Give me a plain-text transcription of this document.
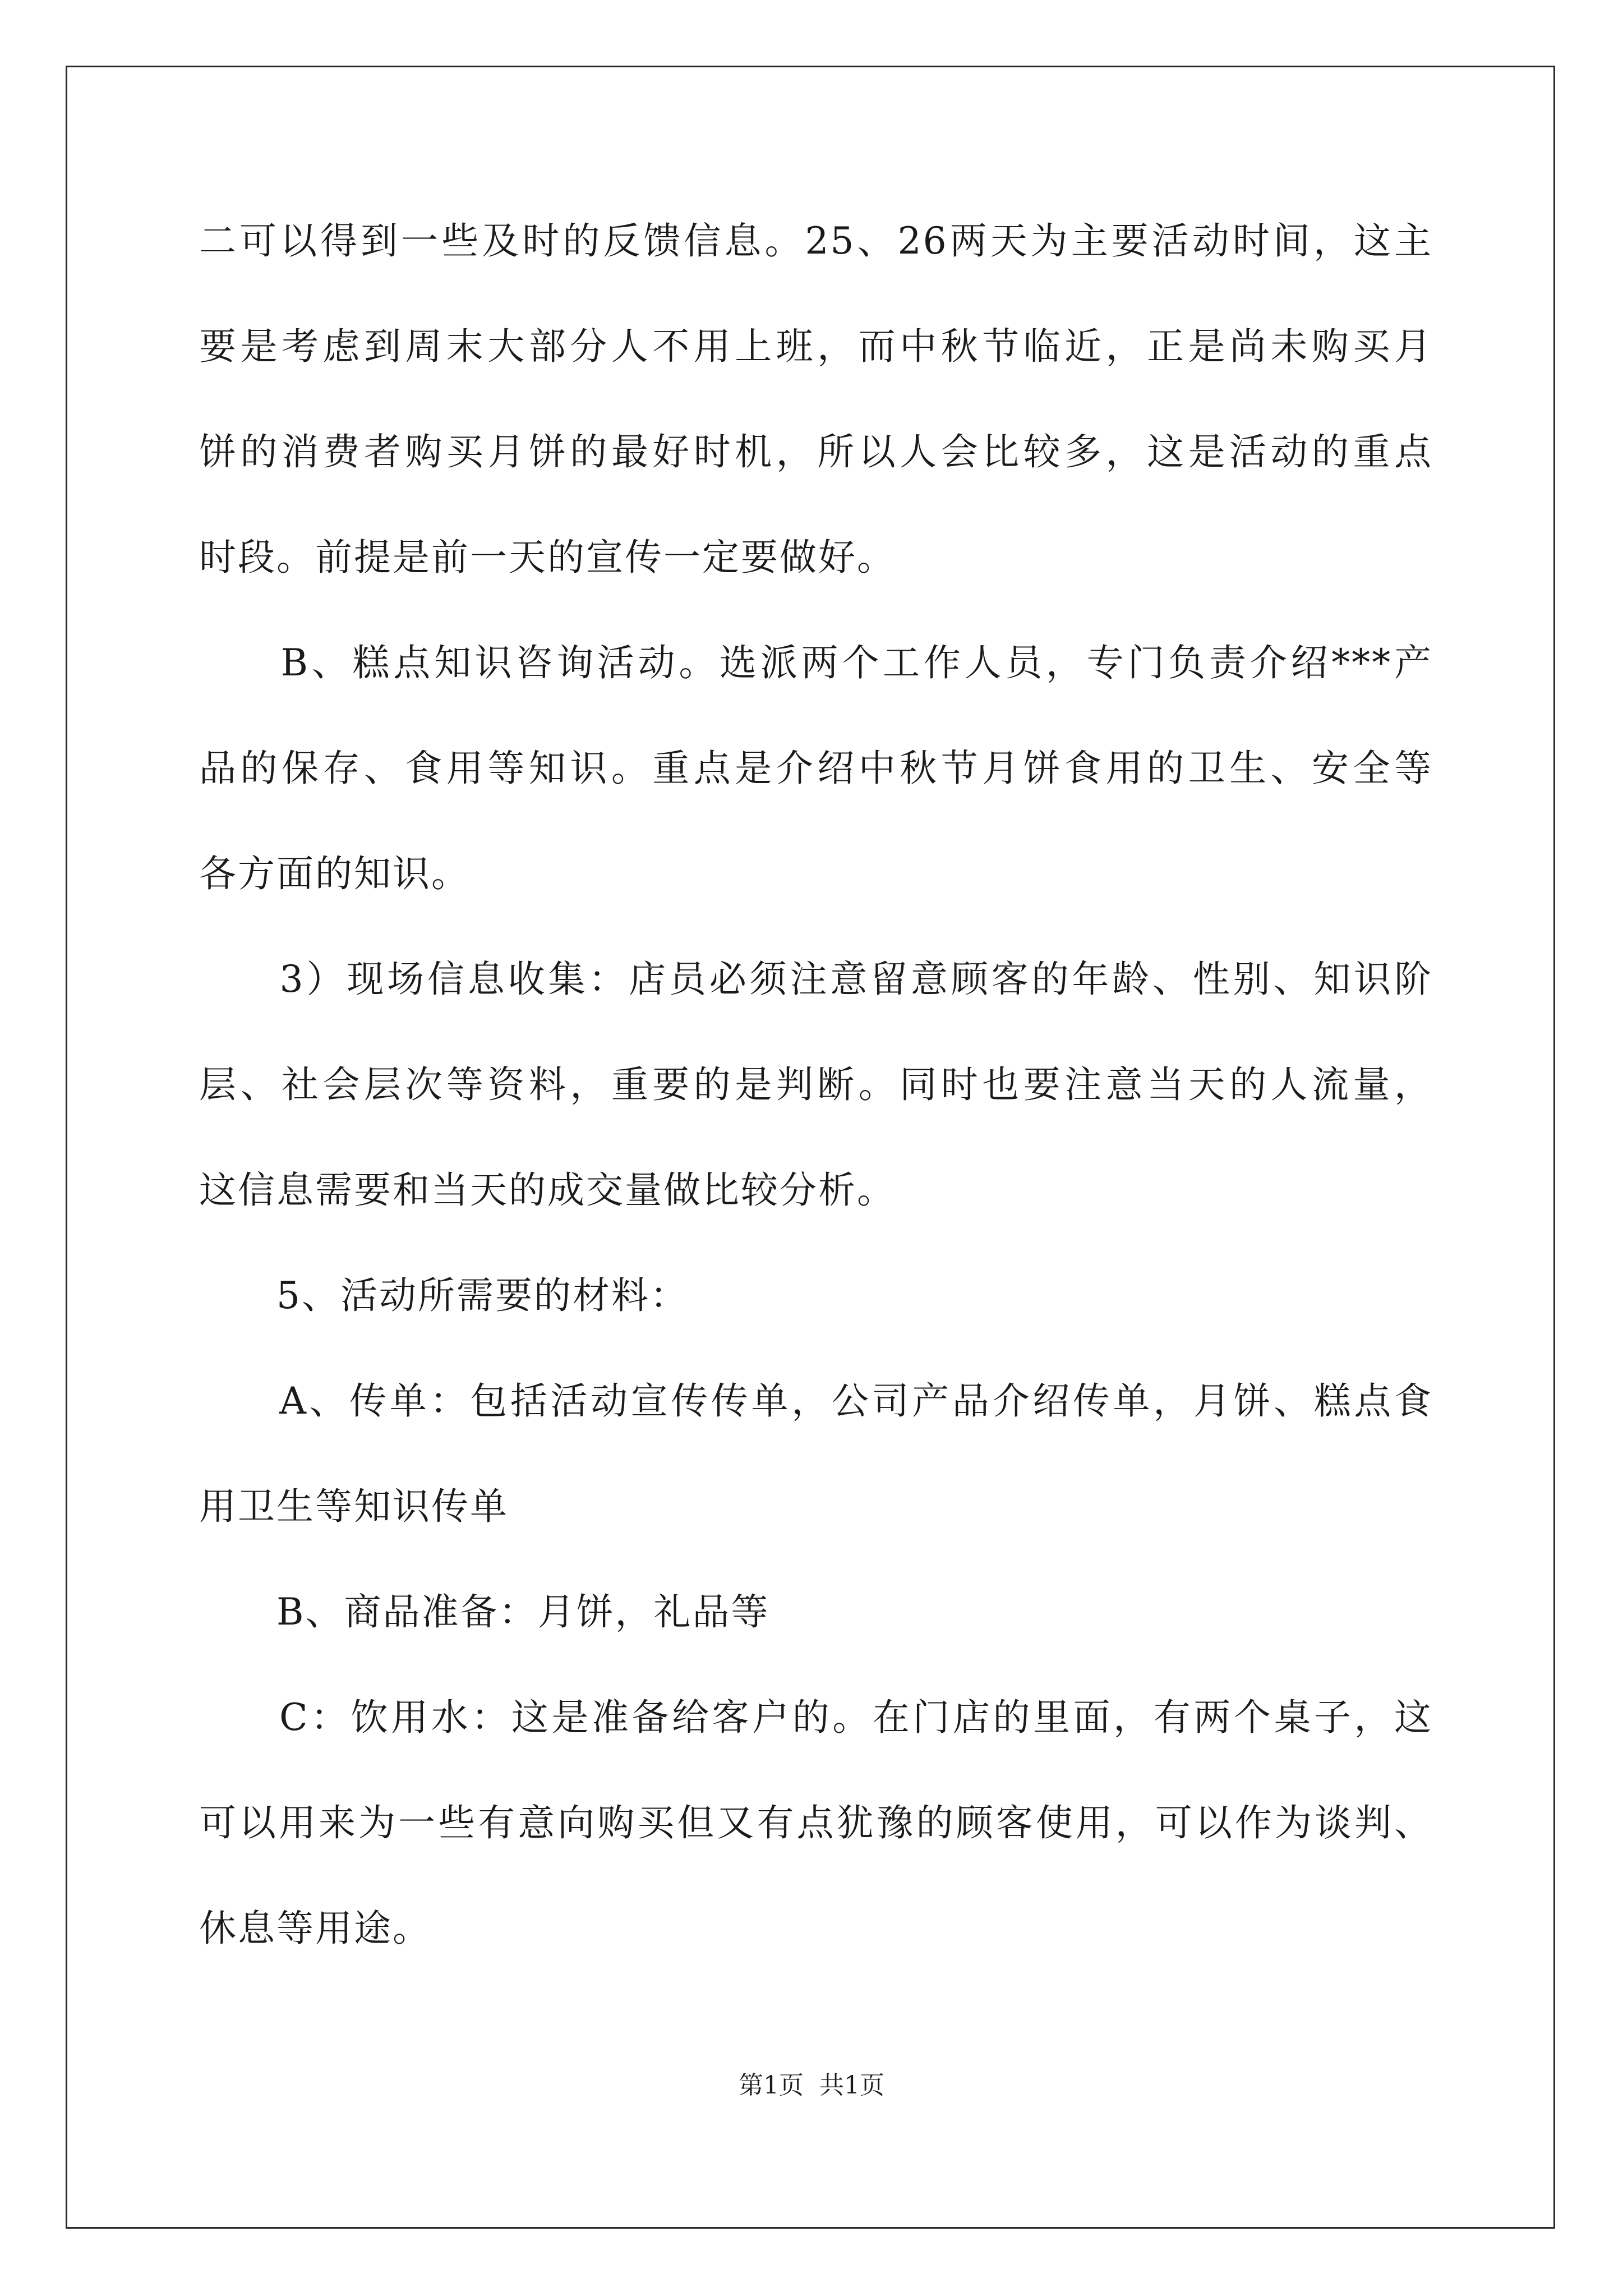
二可以得到一些及时的反馈信息。25、26两天为主要活动时间，这主
要是考虑到周末大部分人不用上班，而中秋节临近，正是尚未购买月
饼的消费者购买月饼的最好时机，所以人会比较多，这是活动的重点
时段。前提是前一天的宣传一定要做好。
　　B、糕点知识咨询活动。选派两个工作人员，专门负责介绍***产
品的保存、食用等知识。重点是介绍中秋节月饼食用的卫生、安全等
各方面的知识。
　　3）现场信息收集：店员必须注意留意顾客的年龄、性别、知识阶
层、社会层次等资料，重要的是判断。同时也要注意当天的人流量，
这信息需要和当天的成交量做比较分析。
　　5、活动所需要的材料：
　　A、传单：包括活动宣传传单，公司产品介绍传单，月饼、糕点食
用卫生等知识传单
　　B、商品准备：月饼，礼品等
　　C：饮用水：这是准备给客户的。在门店的里面，有两个桌子，这
可以用来为一些有意向购买但又有点犹豫的顾客使用，可以作为谈判、
休息等用途。
第1页 共1页
